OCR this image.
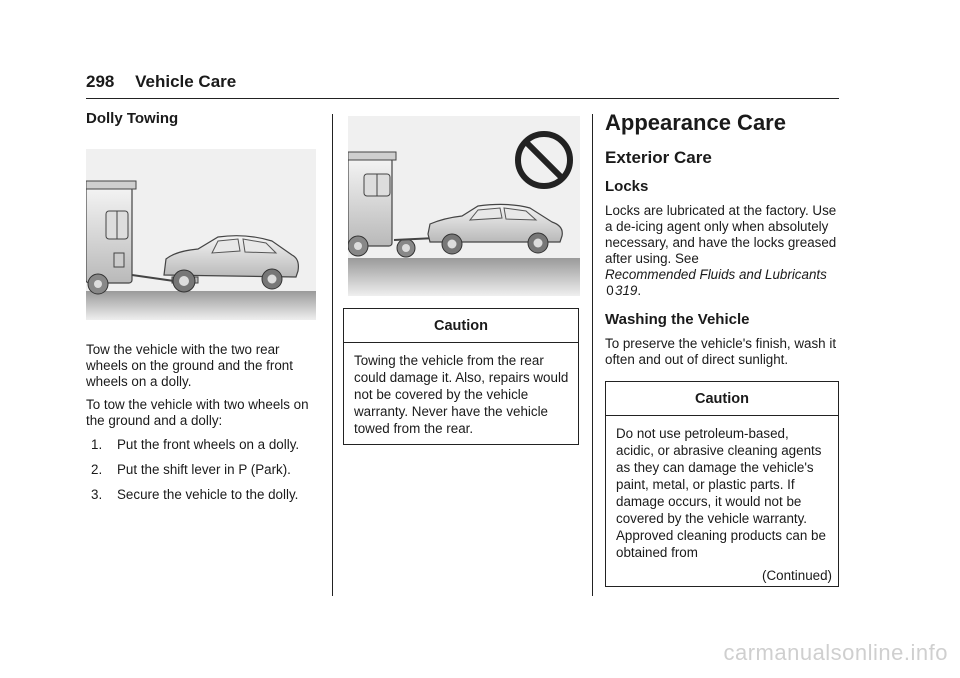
298 Vehicle Care
Dolly Towing

Tow the vehicle with the two rear wheels on the ground and the front wheels on a dolly.

To tow the vehicle with two wheels on the ground and a dolly:

1. Put the front wheels on a dolly.
2. Put the shift lever in P (Park).
3. Secure the vehicle to the dolly.
Caution
Towing the vehicle from the rear could damage it. Also, repairs would not be covered by the vehicle warranty. Never have the vehicle towed from the rear.
Appearance Care
Exterior Care
Locks

Locks are lubricated at the factory. Use a de-icing agent only when absolutely necessary, and have the locks greased after using. See
Recommended Fluids and Lubricants 0319.

Washing the Vehicle

To preserve the vehicle's finish, wash it often and out of direct sunlight.

Caution
Do not use petroleum-based, acidic, or abrasive cleaning agents as they can damage the vehicle's paint, metal, or plastic parts. If damage occurs, it would not be covered by the vehicle warranty. Approved cleaning products can be obtained from
(Continued)
carmanualsonline.info
